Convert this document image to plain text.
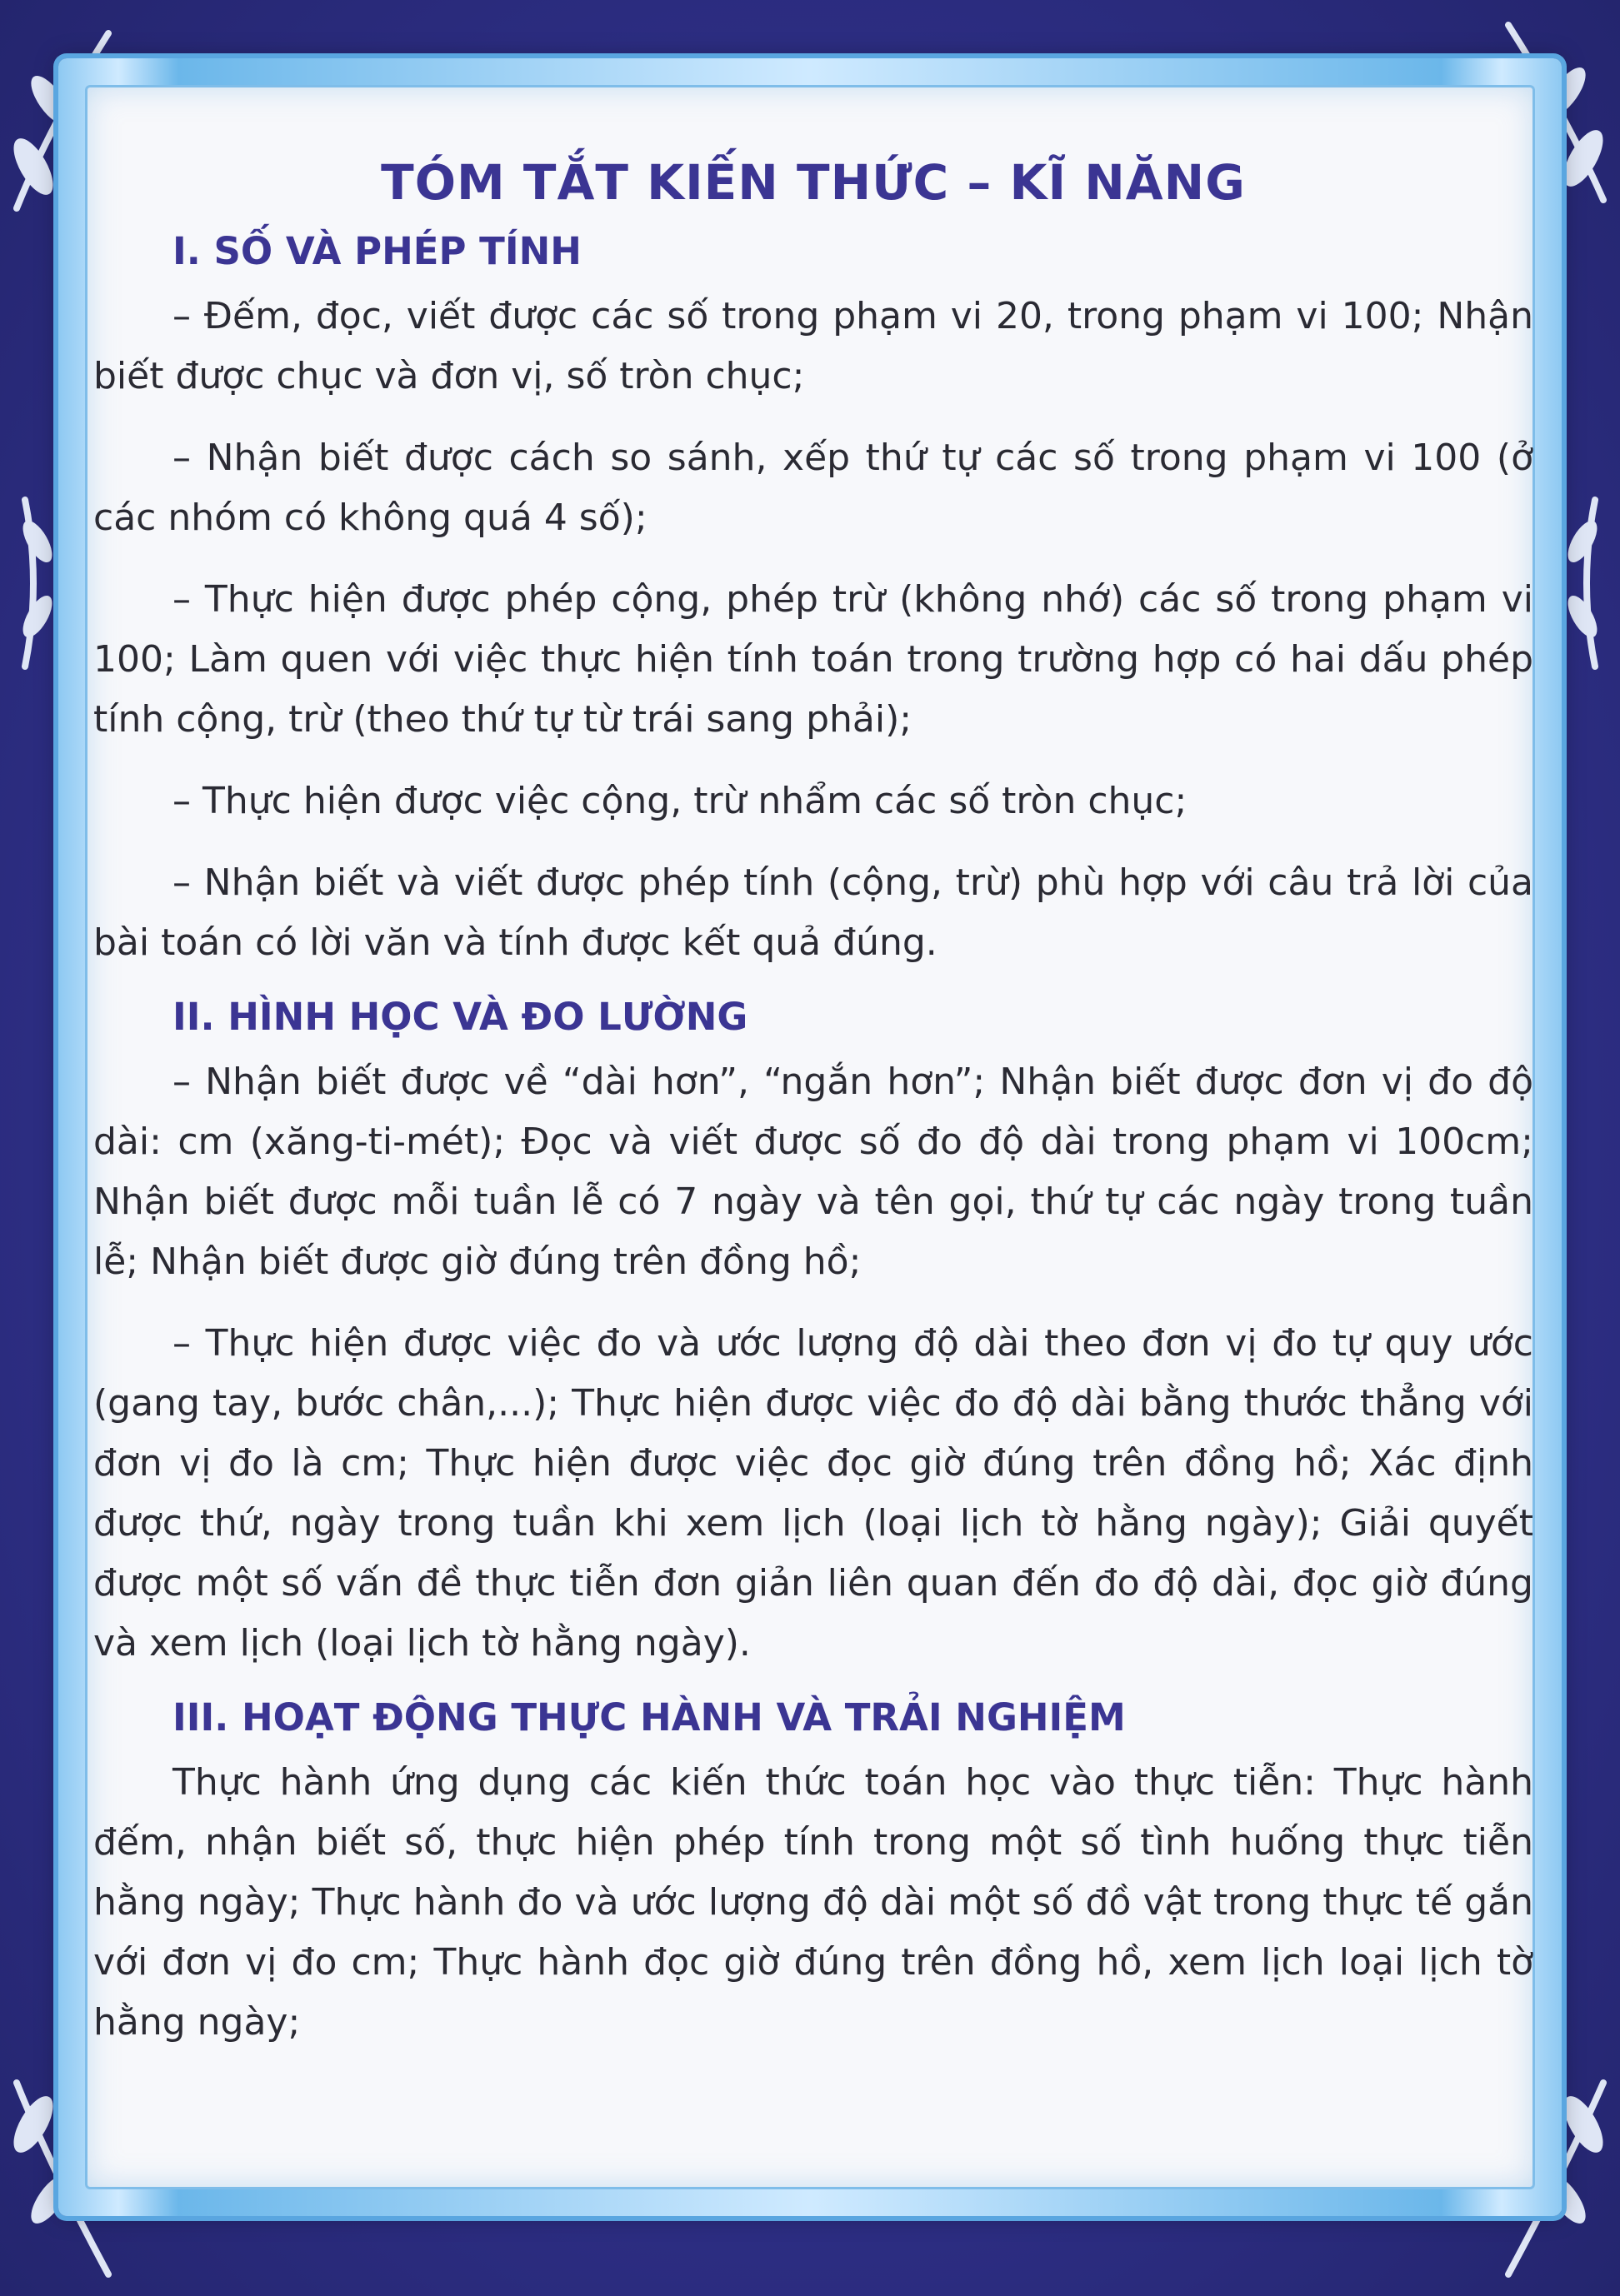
TÓM TẮT KIẾN THỨC – KĨ NĂNG
I. SỐ VÀ PHÉP TÍNH

– Đếm, đọc, viết được các số trong phạm vi 20, trong phạm vi 100; Nhận biết được chục và đơn vị, số tròn chục;

– Nhận biết được cách so sánh, xếp thứ tự các số trong phạm vi 100 (ở các nhóm có không quá 4 số);

– Thực hiện được phép cộng, phép trừ (không nhớ) các số trong phạm vi 100; Làm quen với việc thực hiện tính toán trong trường hợp có hai dấu phép tính cộng, trừ (theo thứ tự từ trái sang phải);

– Thực hiện được việc cộng, trừ nhẩm các số tròn chục;

– Nhận biết và viết được phép tính (cộng, trừ) phù hợp với câu trả lời của bài toán có lời văn và tính được kết quả đúng.

II. HÌNH HỌC VÀ ĐO LƯỜNG

– Nhận biết được về “dài hơn”, “ngắn hơn”; Nhận biết được đơn vị đo độ dài: cm (xăng-ti-mét); Đọc và viết được số đo độ dài trong phạm vi 100cm; Nhận biết được mỗi tuần lễ có 7 ngày và tên gọi, thứ tự các ngày trong tuần lễ; Nhận biết được giờ đúng trên đồng hồ;

– Thực hiện được việc đo và ước lượng độ dài theo đơn vị đo tự quy ước (gang tay, bước chân,...); Thực hiện được việc đo độ dài bằng thước thẳng với đơn vị đo là cm; Thực hiện được việc đọc giờ đúng trên đồng hồ; Xác định được thứ, ngày trong tuần khi xem lịch (loại lịch tờ hằng ngày); Giải quyết được một số vấn đề thực tiễn đơn giản liên quan đến đo độ dài, đọc giờ đúng và xem lịch (loại lịch tờ hằng ngày).

III. HOẠT ĐỘNG THỰC HÀNH VÀ TRẢI NGHIỆM

Thực hành ứng dụng các kiến thức toán học vào thực tiễn: Thực hành đếm, nhận biết số, thực hiện phép tính trong một số tình huống thực tiễn hằng ngày; Thực hành đo và ước lượng độ dài một số đồ vật trong thực tế gắn với đơn vị đo cm; Thực hành đọc giờ đúng trên đồng hồ, xem lịch loại lịch tờ hằng ngày;
